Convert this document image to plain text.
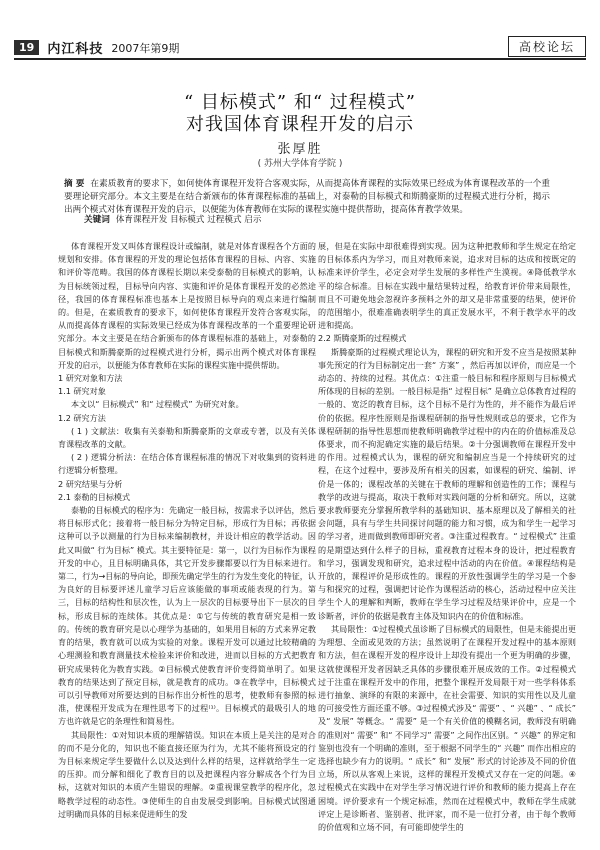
19	内江科技 2007年第9期	高校论坛
“ 目标模式” 和“ 过程模式”
对我国体育课程开发的启示
张厚胜
( 苏州大学体育学院 )
摘 要 在素质教育的要求下，如何使体育课程开发符合客观实际，从而提高体育课程的实际效果已经成为体育课程改革的一个重要理论研究部分。本文主要是在结合新颁布的体育课程标准的基础上，对泰勒的目标模式和斯腾豪斯的过程模式进行分析，揭示出两个模式对体育课程开发的启示，以便能为体育教师在实际的课程实施中提供帮助，提高体育教学效果。
关键词 体育课程开发 目标模式 过程模式 启示

体育课程开发又叫体育课程设计或编制，就是对体育课程各个方面的规划和安排。体育课程的开发的理论包括体育课程的目标、内容、实施和评价等范畴。我国的体育课程长期以来受泰勒的目标模式的影响，认为目标统领过程，目标导向内容、实施和评价是体育课程开发的必然途径，我国的体育课程标准也基本上是按照目标导向的观点来进行编制的。但是，在素质教育的要求下，如何使体育课程开发符合客观实际，从而提高体育课程的实际效果已经成为体育课程改革的一个重要理论研究部分。本文主要是在结合新颁布的体育课程标准的基础上，对泰勒的目标模式和斯腾豪斯的过程模式进行分析，揭示出两个模式对体育课程开发的启示，以便能为体育教师在实际的课程实施中提供帮助。

1 研究对象和方法

1.1 研究对象

本文以“ 目标模式” 和“ 过程模式” 为研究对象。

1.2 研究方法

( 1 ) 文献法：收集有关泰勒和斯腾豪斯的文章或专著，以及有关体育课程改革的文献。

( 2 ) 逻辑分析法：在结合体育课程标准的情况下对收集到的资料进行逻辑分析整理。

2 研究结果与分析

2.1 泰勒的目标模式

泰勒的目标模式的程序为：先确定一般目标，按需求予以评估，然后将目标形式化；接着将一般目标分为特定目标，形成行为目标；再依据这种可以予以测量的行为目标来编制教材，并设计相应的教学活动。因此又叫做“ 行为目标” 模式。其主要特征是：第一，以行为目标作为课程开发的中心，且目标明确具体，其它开发步骤都要以行为目标来进行。第二，行为→目标的导向论，即预先确定学生的行为发生变化的特征，认为良好的目标要评述儿童学习后应该能做的事项或能表现的行为。第三，目标的结构性和层次性，认为上一层次的目标要导出下一层次的目标，形成目标的连续体。其优点是：①它与传统的教育研究是相一致的。传统的教育研究是以心理学为基础的，如果用目标的方式来界定教育的结果，教育就可以成为实验的对象。课程开发可以通过比较精确的心理测验和教育测量技术检验来评价和改进，进而以目标的方式把教育研究成果转化为教育实践。②目标模式使教育评价变得简单明了。如果教育的结果达到了预定目标，就是教育的成功。③在教学中，目标模式可以引导教师对所要达到的目标作出分析性的思考，使教师有参照的标准，使课程开发成为在理性思考下的过程⁽¹⁾。目标模式的最吸引人的地方也许就是它的条理性和简易性。

其局限性：①对知识本质的理解错误。知识在本质上是关注的是对合的而不是分化的，知识也不能直接还原为行为，尤其不能将预设定的行为目标来规定学生要做什么以及达到什么样的结果，这样就给学生一定的压抑。而分解和细化了教育目的以及把课程内容分解成各个行为目标，这就对知识的本质产生错误的理解。②重视课堂教学的程序化，忽略教学过程的动态性。③使师生的自由发展受到影响。目标模式试图通过明确而具体的目标来促进师生的发

展，但是在实际中却很难得到实现。因为这种把教师和学生规定在给定的目标体系内为学习，而且对教师来说，追求对目标的达成和按既定的标准来评价学生，必定会对学生发展的多样性产生漠视。④降低教学水平的综合标准。目标在实践中量结果转过程，给教育评价带来局限性，而且不可避免地会忽视许多预料之外的却又是非常重要的结果，使评价的范围缩小，很难准确表明学生的真正发展水平，不利于教学水平的改进和提高。

2.2 斯腾豪斯的过程模式

斯腾豪斯的过程模式理论认为，课程的研究和开发不应当是按照某种事先预定的行为目标制定出一套“ 方案” ，然后再加以评价，而应是一个动态的、持续的过程。其优点：①注重一般目标和程序原则与目标模式所体现的目标的差别。一般目标是指“ 过程目标” 是确立总体教育过程的一般的、宽泛的教育目标，这个目标不是行为性的，并不能作为最后评价的依据。程序性原则是指课程研制的指导性规则或总的要求，它作为课程研制的指导性思想而使教师明确教学过程中的内在的价值标准及总体要求，而不拘泥确定实施的最后结果。②十分强调教师在课程开发中的作用。过程模式认为，课程的研究和编制应当是一个持续研究的过程，在这个过程中，要涉及所有相关的因素，如课程的研究、编制、评价是一体的；课程改革的关键在于教师的理解和创造性的工作；课程与教学的改进与提高，取决于教师对实践问题的分析和研究。所以，这就要求教师要充分掌握所教学科的基础知识、基本原理以及了解相关的社会问题，具有与学生共同探讨问题的能力和习惯，成为和学生一起学习的学习者，进而做到教师即研究者。③注重过程教育。“ 过程模式” 注重的是期望达到什么样子的目标，重视教育过程本身的设计，把过程教育和学习，强调发现和研究，追求过程中活动的内在价值。④课程结构是开放的，课程评价是形成性的。课程的开放性强调学生的学习是一个参与和探究的过程，强调把讨论作为课程活动的核心，活动过程中应关注学生个人的理解和判断，教师在学生学习过程及结果评价中，应是一个诊断者，评价的依据是教育主体及知识内在的价值和标准。

其局限性：①过程模式虽诊断了目标模式的局限性，但是未能提出更为理想、全面或见效的方法；虽然说明了在课程开发过程中的基本原则和方法，但在课程开发的程序设计上却没有提出一个更为明确的步骤，这就使课程开发者因缺乏具体的步骤很难开展成效的工作。②过程模式过于注重在课程开发中的作用，把整个课程开发局限于对一些学科体系进行抽象、演绎的有限的来源中，在社会需要、知识的实用性以及儿童的可接受性方面还重不够。③过程模式涉及“ 需要” 、“ 兴趣” 、“ 成长” 及“ 发展” 等概念。“ 需要” 是一个有关价值的模糊名词，教师没有明确的准则对“ 需要” 和“ 不同学习” 需要” 之间作出区别。“ 兴趣” 的界定和鉴别也没有一个明确的准则，至于根据不同学生的“ 兴趣” 而作出相应的选择也缺少有力的说明。“ 成长” 和“ 发展” 形式的讨论涉及不同的价值立场，所以从客观上来说，这样的课程开发模式又存在一定的问题。④过程模式在实践中在对学生学习情况进行评价和教师的能力提高上存在困境。评价要求有一个规定标准，然而在过程模式中，教师在学生成就评定上是诊断者、鉴别者、批评家，而不是一位打分者，由于每个教师的价值观和立场不同，有可能即使学生的
